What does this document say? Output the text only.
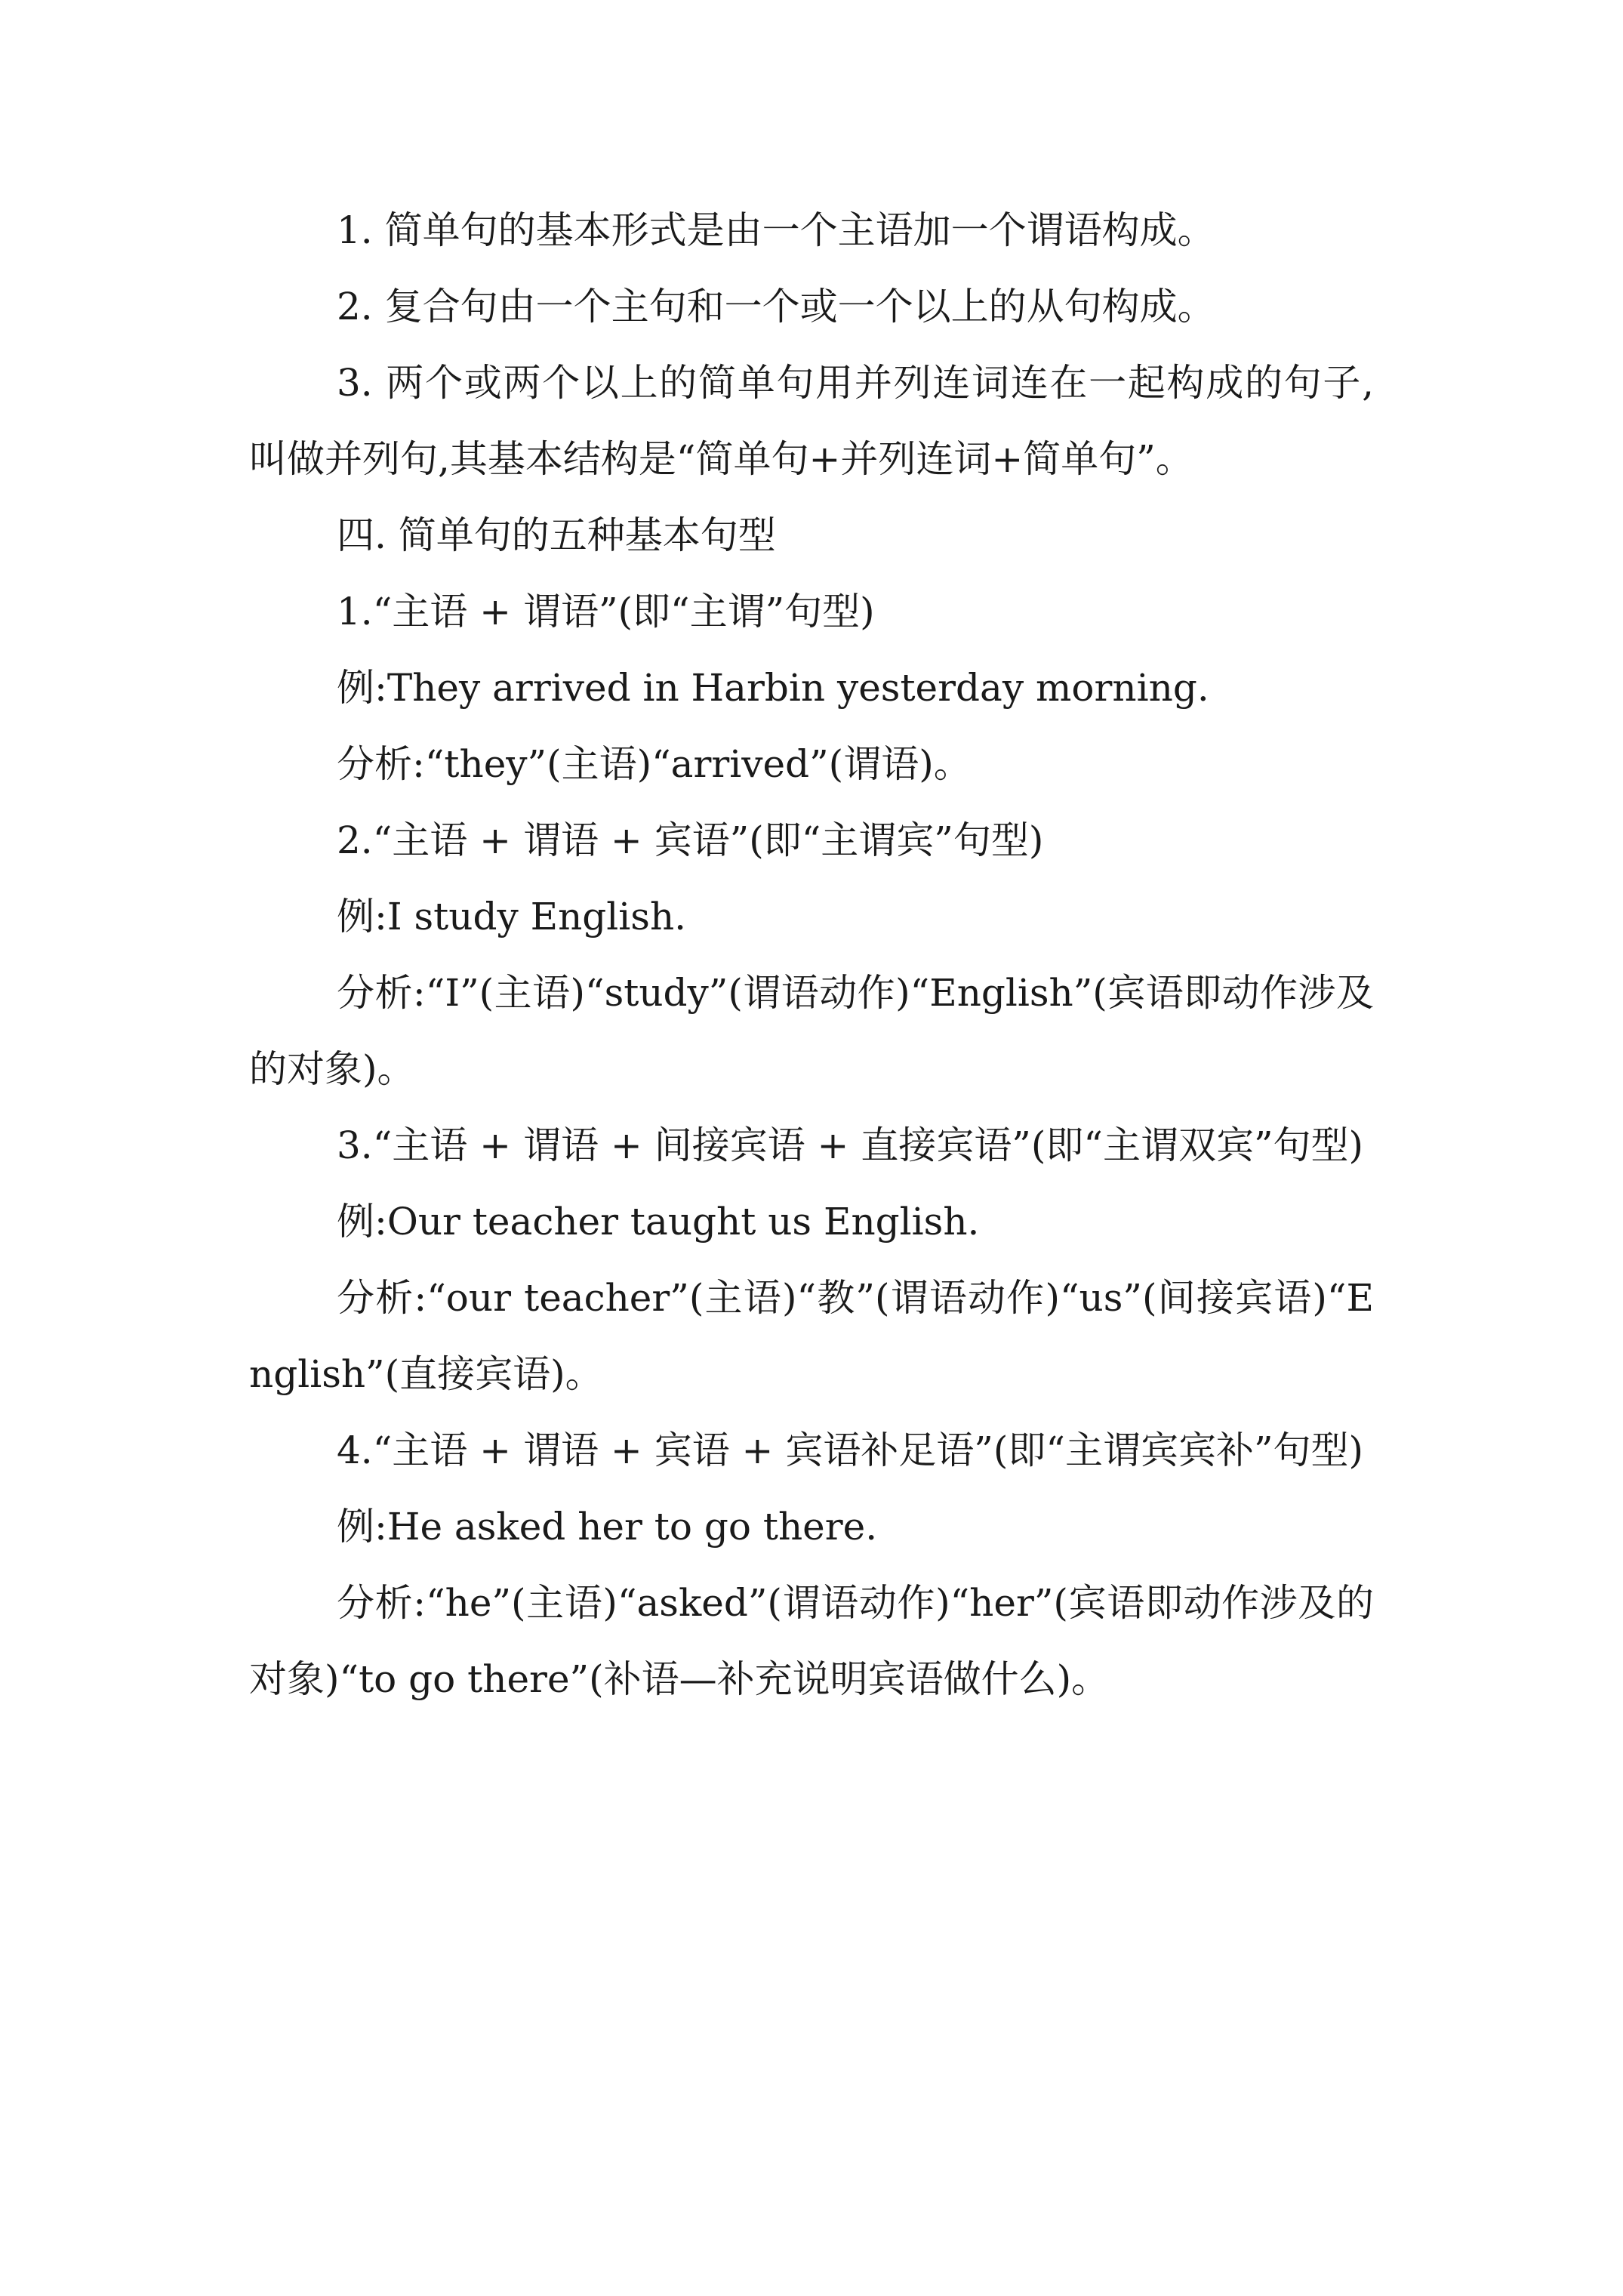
1. 简单句的基本形式是由一个主语加一个谓语构成。

2. 复合句由一个主句和一个或一个以上的从句构成。

3. 两个或两个以上的简单句用并列连词连在一起构成的句子,叫做并列句,其基本结构是“简单句+并列连词+简单句”。

四. 简单句的五种基本句型

1.“主语 + 谓语”(即“主谓”句型)

例:They arrived in Harbin yesterday morning.

分析:“they”(主语)“arrived”(谓语)。

2.“主语 + 谓语 + 宾语”(即“主谓宾”句型)

例:I study English.

分析:“I”(主语)“study”(谓语动作)“English”(宾语即动作涉及的对象)。

3.“主语 + 谓语 + 间接宾语 + 直接宾语”(即“主谓双宾”句型)

例:Our teacher taught us English.

分析:“our teacher”(主语)“教”(谓语动作)“us”(间接宾语)“English”(直接宾语)。

4.“主语 + 谓语 + 宾语 + 宾语补足语”(即“主谓宾宾补”句型)

例:He asked her to go there.

分析:“he”(主语)“asked”(谓语动作)“her”(宾语即动作涉及的对象)“to go there”(补语—补充说明宾语做什么)。
